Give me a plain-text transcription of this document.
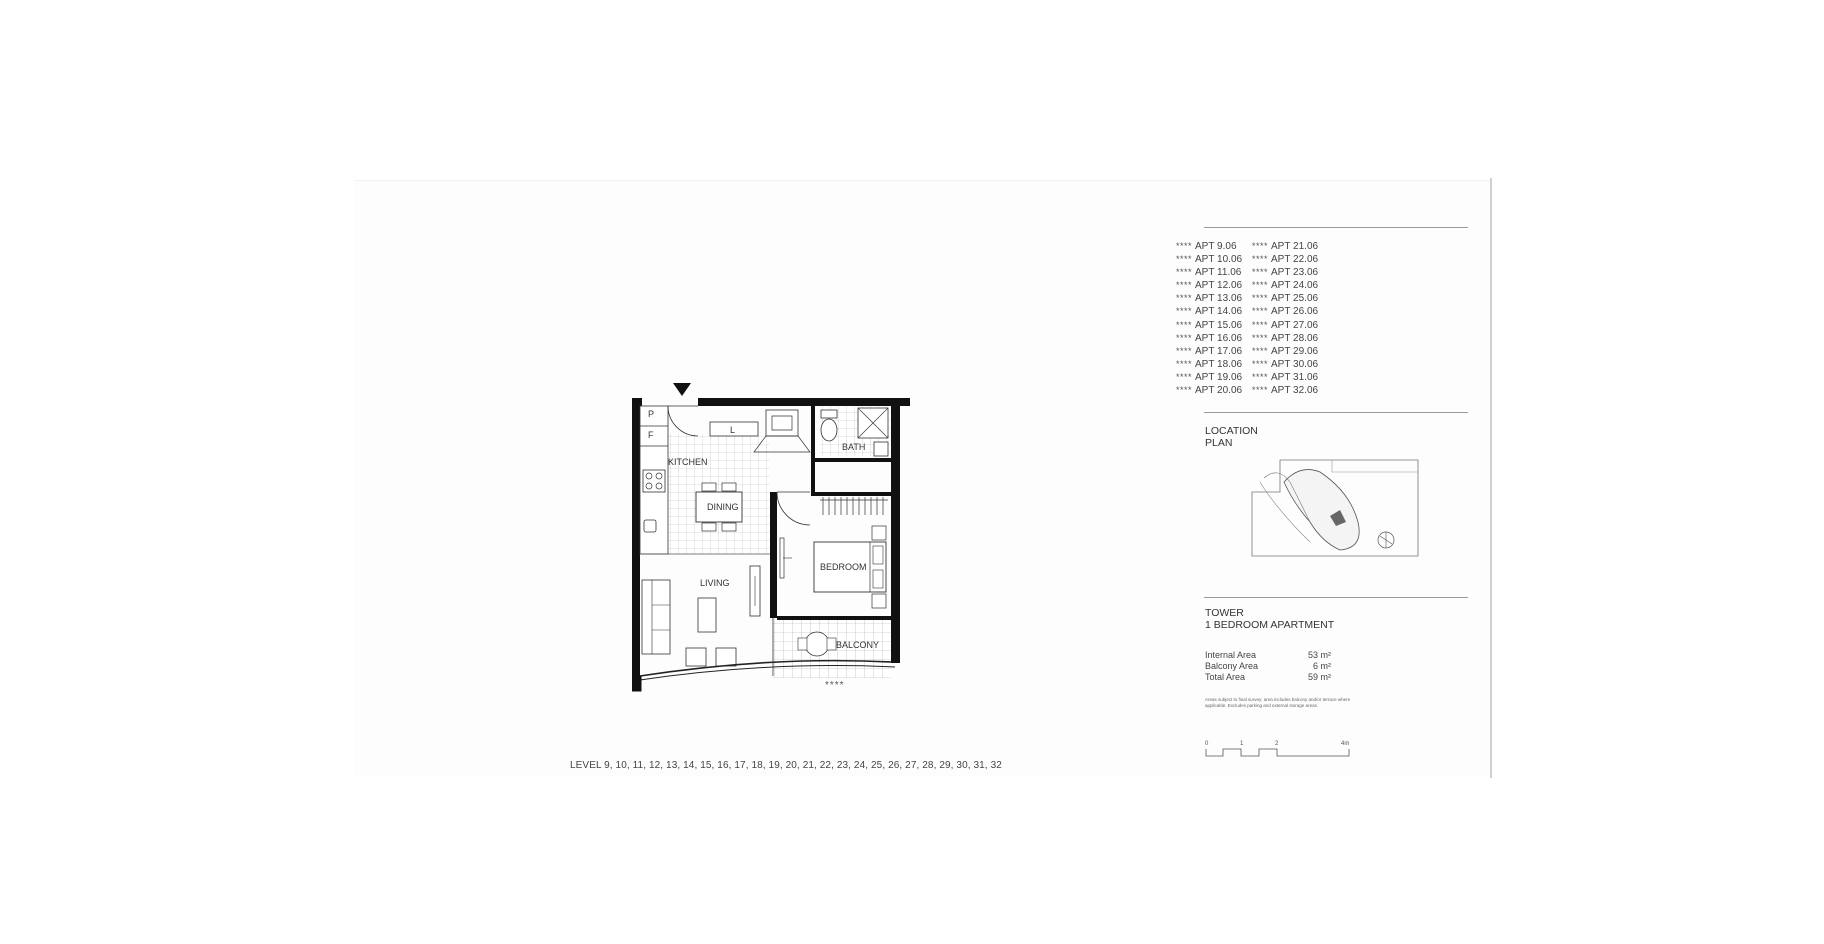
P
F	L
KITCHEN
DINING
BATH
BEDROOM
LIVING
BALCONY
****
LEVEL 9, 10, 11, 12, 13, 14, 15, 16, 17, 18, 19, 20, 21, 22, 23, 24, 25, 26, 27, 28, 29, 30, 31, 32
**** APT 9.06 **** APT 21.06
**** APT 10.06 **** APT 22.06
**** APT 11.06 **** APT 23.06
**** APT 12.06 **** APT 24.06
**** APT 13.06 **** APT 25.06
**** APT 14.06 **** APT 26.06
**** APT 15.06 **** APT 27.06
**** APT 16.06 **** APT 28.06
**** APT 17.06 **** APT 29.06
**** APT 18.06 **** APT 30.06
**** APT 19.06 **** APT 31.06
**** APT 20.06 **** APT 32.06
LOCATION
PLAN
TOWER
1 BEDROOM APARTMENT
Internal Area	53 m²
Balcony Area	6 m²
Total Area	59 m²
Areas subject to final survey; area includes balcony and/or terrace where applicable. Excludes parking and external storage areas.
0	1	2	4m
